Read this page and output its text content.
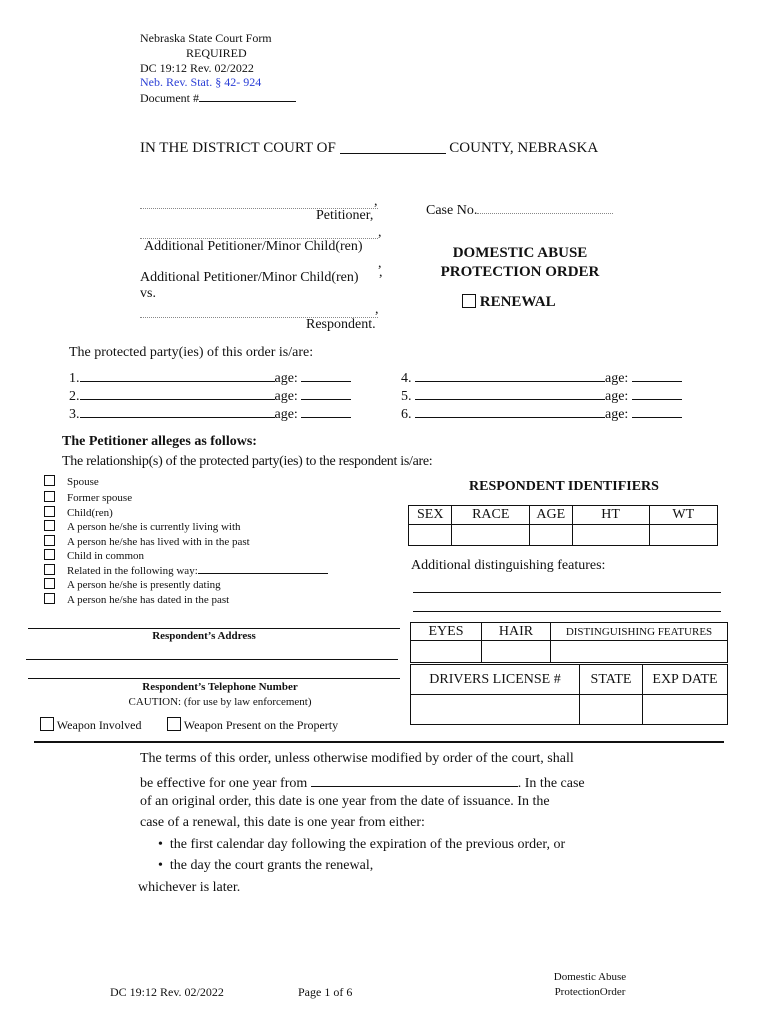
Nebraska State Court Form
REQUIRED
DC 19:12 Rev. 02/2022
Neb. Rev. Stat. § 42- 924
Document #
IN THE DISTRICT COURT OF	COUNTY, NEBRASKA
,
Petitioner,
,
Additional Petitioner/Minor Child(ren)
,
Additional Petitioner/Minor Child(ren) ,
vs.
,
Respondent.
Case No.
DOMESTIC ABUSE
PROTECTION ORDER
RENEWAL
The protected party(ies) of this order is/are:
1.	age:
2.	age:
3.	age:
4.	age:
5.	age:
6.	age:
The Petitioner alleges as follows:
The relationship(s) of the protected party(ies) to the respondent is/are:
Spouse
Former spouse
Child(ren)
A person he/she is currently living with
A person he/she has lived with in the past
Child in common
Related in the following way:
A person he/she is presently dating
A person he/she has dated in the past
RESPONDENT IDENTIFIERS
SEX	RACE	AGE	HT	WT

Additional distinguishing features:
EYES	HAIR	DISTINGUISHING FEATURES

DRIVERS LICENSE #	STATE	EXP DATE

Respondent’s Address
Respondent’s Telephone Number
CAUTION: (for use by law enforcement)
Weapon Involved	Weapon Present on the Property
The terms of this order, unless otherwise modified by order of the court, shall
be effective for one year from	. In the case
of an original order, this date is one year from the date of issuance. In the
case of a renewal, this date is one year from either:
• the first calendar day following the expiration of the previous order, or
• the day the court grants the renewal,
whichever is later.
DC 19:12 Rev. 02/2022	Page 1 of 6
Domestic Abuse
ProtectionOrder
